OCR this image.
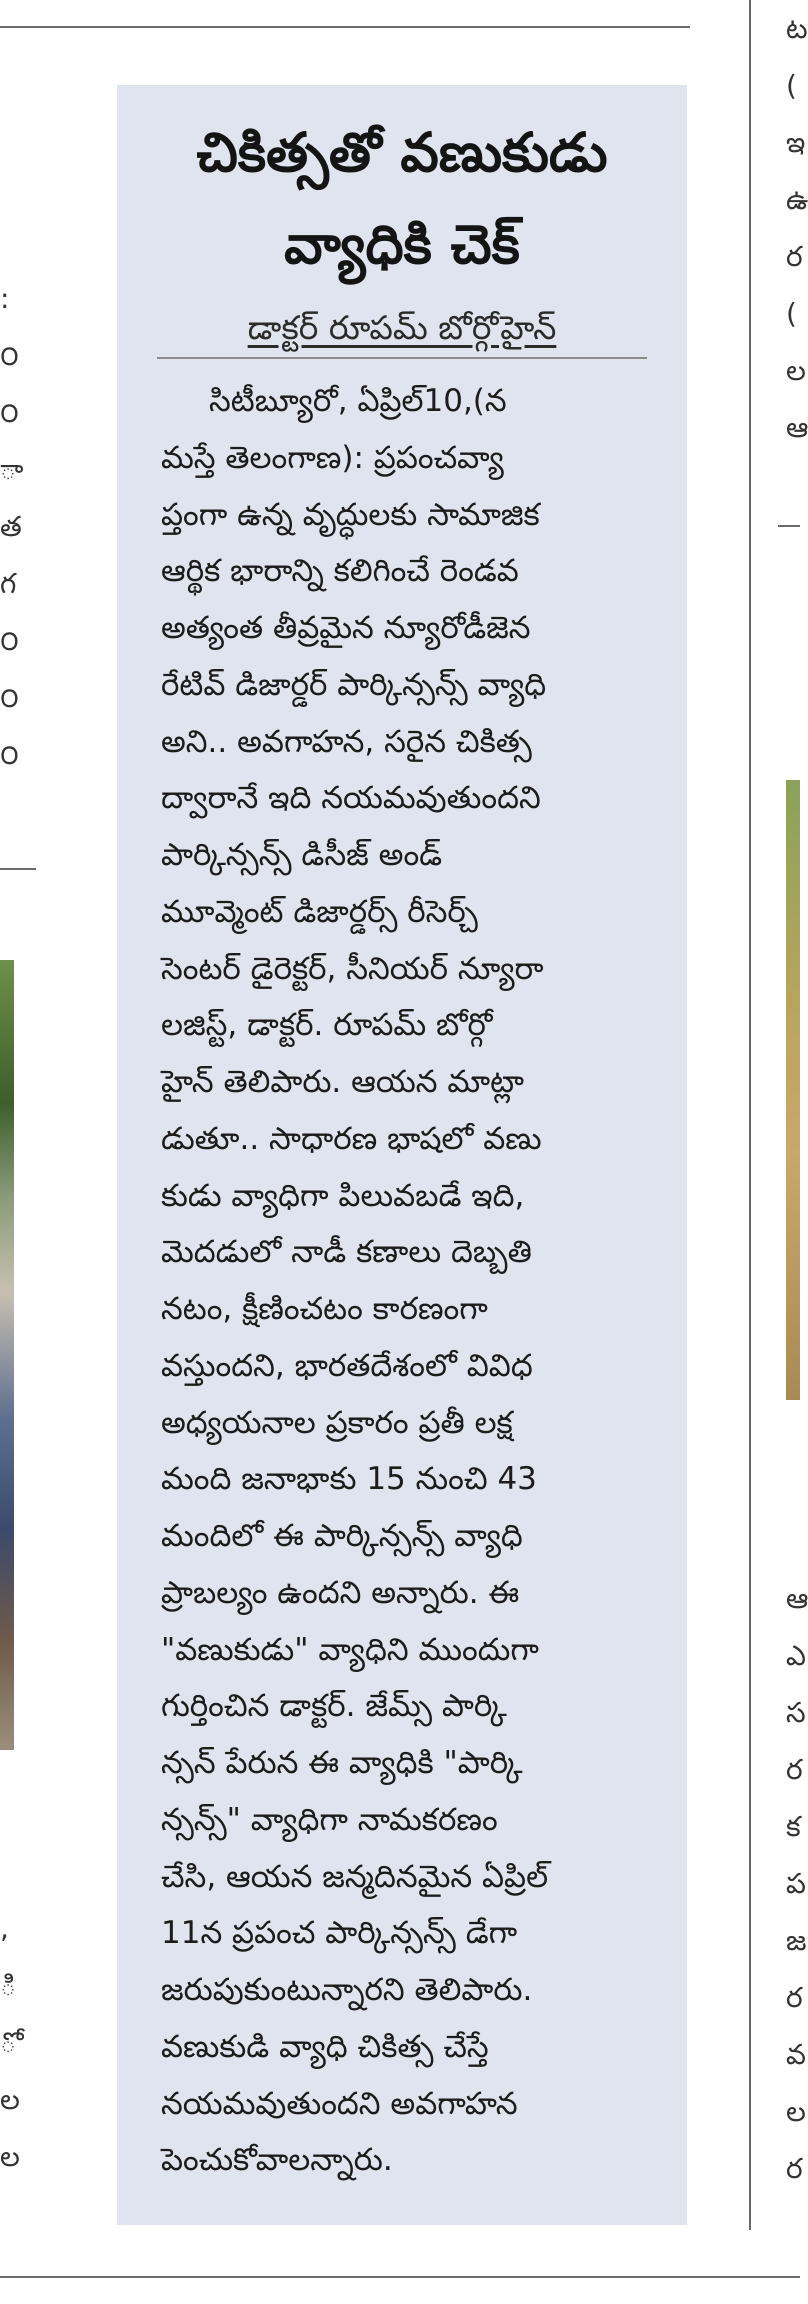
:
౦
౦
ా
త
గ
౦
౦
౦
,
ి
ో
ల
ల
ట
(
ఇ
ఉ
ర
(
ల
ఆ
ఆ
ఎ
స
ర
క
ప
జ
ర
వ
ల
ర
చికిత్సతో వణుకుడు
వ్యాధికి చెక్
డాక్టర్ రూపమ్ బోర్గోహైన్
సిటీబ్యూరో, ఏప్రిల్10,(న
మస్తే తెలంగాణ): ప్రపంచవ్యా
ప్తంగా ఉన్న వృద్ధులకు సామాజిక
ఆర్థిక భారాన్ని కలిగించే రెండవ
అత్యంత తీవ్రమైన న్యూరోడీజెన
రేటివ్ డిజార్డర్ పార్కిన్సన్స్ వ్యాధి
అని.. అవగాహన, సరైన చికిత్స
ద్వారానే ఇది నయమవుతుందని
పార్కిన్సన్స్ డిసీజ్ అండ్
మూవ్మెంట్ డిజార్డర్స్ రీసెర్చ్
సెంటర్ డైరెక్టర్, సీనియర్ న్యూరా
లజిస్ట్, డాక్టర్. రూపమ్ బోర్గో
హైన్ తెలిపారు. ఆయన మాట్లా
డుతూ.. సాధారణ భాషలో వణు
కుడు వ్యాధిగా పిలువబడే ఇది,
మెదడులో నాడీ కణాలు దెబ్బతి
నటం, క్షీణించటం కారణంగా
వస్తుందని, భారతదేశంలో వివిధ
అధ్యయనాల ప్రకారం ప్రతీ లక్ష
మంది జనాభాకు 15 నుంచి 43
మందిలో ఈ పార్కిన్సన్స్ వ్యాధి
ప్రాబల్యం ఉందని అన్నారు. ఈ
"వణుకుడు" వ్యాధిని ముందుగా
గుర్తించిన డాక్టర్. జేమ్స్ పార్కి
న్సన్ పేరున ఈ వ్యాధికి "పార్కి
న్సన్స్" వ్యాధిగా నామకరణం
చేసి, ఆయన జన్మదినమైన ఏప్రిల్
11న ప్రపంచ పార్కిన్సన్స్ డేగా
జరుపుకుంటున్నారని తెలిపారు.
వణుకుడి వ్యాధి చికిత్స చేస్తే
నయమవుతుందని అవగాహన
పెంచుకోవాలన్నారు.
